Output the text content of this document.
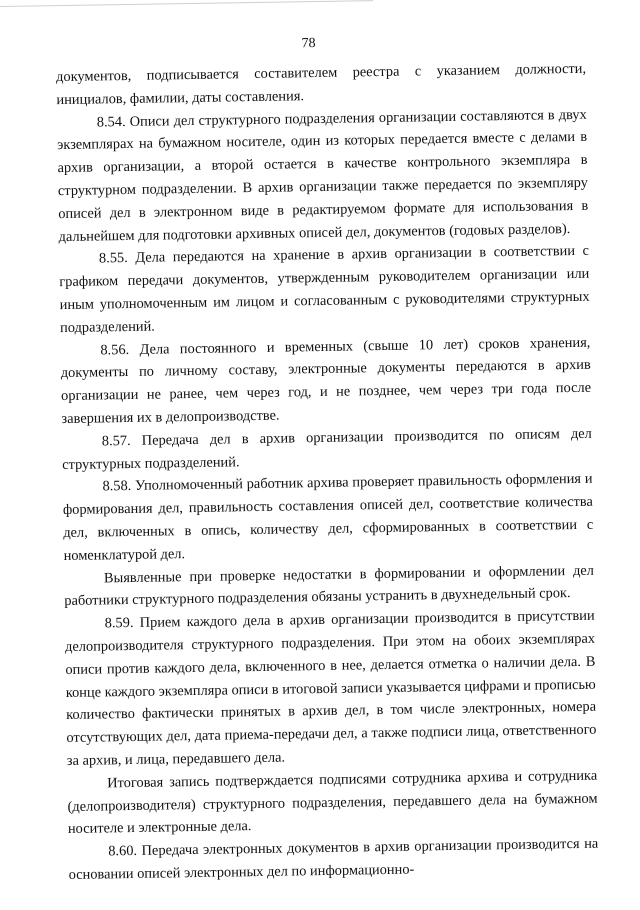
78

документов, подписывается составителем реестра с указанием должности, инициалов, фамилии, даты составления.

8.54. Описи дел структурного подразделения организации составляются в двух экземплярах на бумажном носителе, один из которых передается вместе с делами в архив организации, а второй остается в качестве контрольного экземпляра в структурном подразделении. В архив организации также передается по экземпляру описей дел в электронном виде в редактируемом формате для использования в дальнейшем для подготовки архивных описей дел, документов (годовых разделов).

8.55. Дела передаются на хранение в архив организации в соответствии с графиком передачи документов, утвержденным руководителем организации или иным уполномоченным им лицом и согласованным с руководителями структурных подразделений.

8.56. Дела постоянного и временных (свыше 10 лет) сроков хранения, документы по личному составу, электронные документы передаются в архив организации не ранее, чем через год, и не позднее, чем через три года после завершения их в делопроизводстве.

8.57. Передача дел в архив организации производится по описям дел структурных подразделений.

8.58. Уполномоченный работник архива проверяет правильность оформления и формирования дел, правильность составления описей дел, соответствие количества дел, включенных в опись, количеству дел, сформированных в соответствии с номенклатурой дел.

Выявленные при проверке недостатки в формировании и оформлении дел работники структурного подразделения обязаны устранить в двухнедельный срок.

8.59. Прием каждого дела в архив организации производится в присутствии делопроизводителя структурного подразделения. При этом на обоих экземплярах описи против каждого дела, включенного в нее, делается отметка о наличии дела. В конце каждого экземпляра описи в итоговой записи указывается цифрами и прописью количество фактически принятых в архив дел, в том числе электронных, номера отсутствующих дел, дата приема-передачи дел, а также подписи лица, ответственного за архив, и лица, передавшего дела.

Итоговая запись подтверждается подписями сотрудника архива и сотрудника (делопроизводителя) структурного подразделения, передавшего дела на бумажном носителе и электронные дела.

8.60. Передача электронных документов в архив организации производится на основании описей электронных дел по информационно-
